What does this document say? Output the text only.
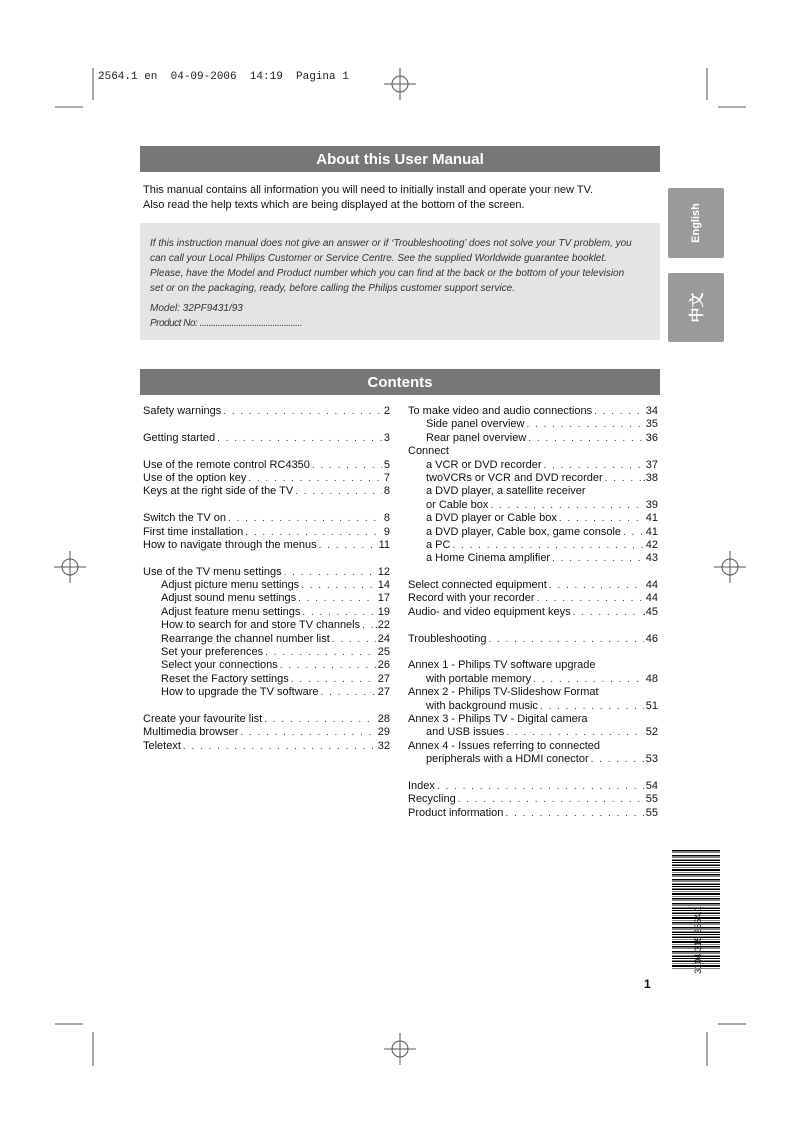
2564.1 en  04-09-2006  14:19  Pagina 1
About this User Manual
This manual contains all information you will need to initially install and operate your new TV.
Also read the help texts which are being displayed at the bottom of the screen.

If this instruction manual does not give an answer or if ‘Troubleshooting’ does not solve your TV problem, you

can call your Local Philips Customer or Service Centre. See the supplied Worldwide guarantee booklet.

Please, have the Model and Product number which you can find at the back or the bottom of your television

set or on the packaging, ready, before calling the Philips customer support service.

Model: 32PF9431/93

Product No: .............................................

Contents
Safety warnings . . .	2
Getting started . . .	3
Use of the remote control RC4350 . . .	5
Use of the option key . . .	7
Keys at the right side of the TV . . .	8
Switch the TV on . . .	8
First time installation . . .	9
How to navigate through the menus . . .	11
Use of the TV menu settings . . .	12
Adjust picture menu settings . . .	14
Adjust sound menu settings . . .	17
Adjust feature menu settings . . .	19
How to search for and store TV channels . . . .22
Rearrange the channel number list . . .	24
Set your preferences . . .	25
Select your connections . . .	26
Reset the Factory settings . . .	27
How to upgrade the TV software . . .	27
Create your favourite list . . .	28
Multimedia browser . . .	29
Teletext . . .	32
To make video and audio connections . . .	34
Side panel overview . . .	35
Rear panel overview . . .	36
Connect
a VCR or DVD recorder . . .	37
twoVCRs or VCR and DVD recorder . . .	.38
a DVD player, a satellite receiver
or Cable box . . .	39
a DVD player or Cable box . . .	41
a DVD player, Cable box, game console . . . 41
a PC . . .	42
a Home Cinema amplifier . . .	43
Select connected equipment . . .	44
Record with your recorder . . .	44
Audio- and video equipment keys . . .	.45
Troubleshooting . . .	46
Annex 1 - Philips TV software upgrade
with portable memory . . .	48
Annex 2 - Philips TV-Slideshow Format
with background music . . .	51
Annex 3 - Philips TV - Digital camera
and USB issues . . .	52
Annex 4 - Issues referring to connected
peripherals with a HDMI conector . . .	53
Index . . .	54
Recycling . . .	55
Product information . . .	55
English
中文
3104 315 2564.1
1
